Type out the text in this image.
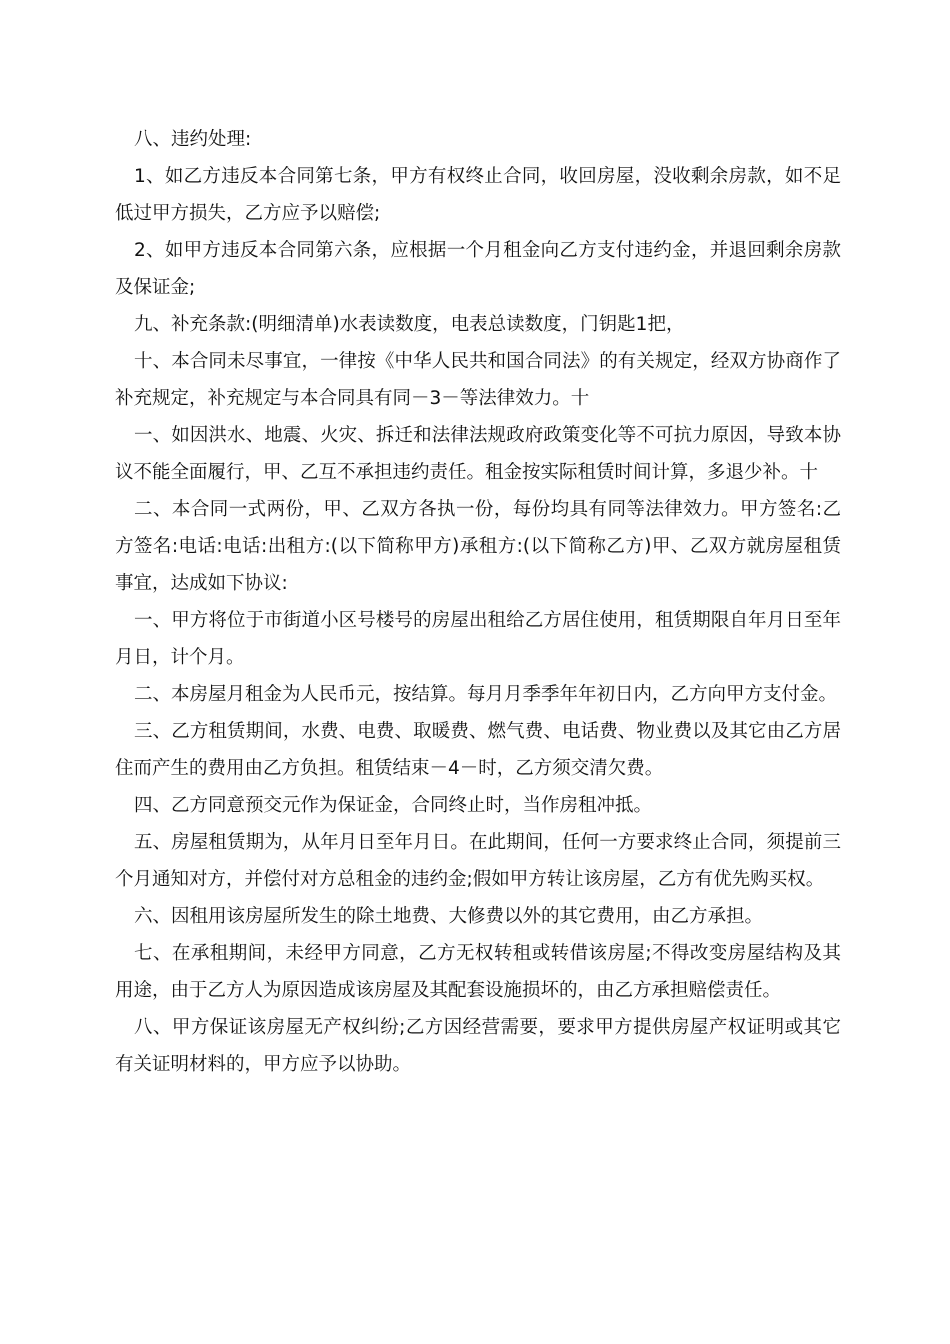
八、违约处理:

1、如乙方违反本合同第七条，甲方有权终止合同，收回房屋，没收剩余房款，如不足低过甲方损失，乙方应予以赔偿;

2、如甲方违反本合同第六条，应根据一个月租金向乙方支付违约金，并退回剩余房款及保证金;

九、补充条款:(明细清单)水表读数度，电表总读数度，门钥匙1把，

十、本合同未尽事宜，一律按《中华人民共和国合同法》的有关规定，经双方协商作了补充规定，补充规定与本合同具有同－3－等法律效力。十

一、如因洪水、地震、火灾、拆迁和法律法规政府政策变化等不可抗力原因，导致本协议不能全面履行，甲、乙互不承担违约责任。租金按实际租赁时间计算，多退少补。十

二、本合同一式两份，甲、乙双方各执一份，每份均具有同等法律效力。甲方签名:乙方签名:电话:电话:出租方:(以下简称甲方)承租方:(以下简称乙方)甲、乙双方就房屋租赁事宜，达成如下协议:

一、甲方将位于市街道小区号楼号的房屋出租给乙方居住使用，租赁期限自年月日至年月日，计个月。

二、本房屋月租金为人民币元，按结算。每月月季季年年初日内，乙方向甲方支付金。

三、乙方租赁期间，水费、电费、取暖费、燃气费、电话费、物业费以及其它由乙方居住而产生的费用由乙方负担。租赁结束－4－时，乙方须交清欠费。

四、乙方同意预交元作为保证金，合同终止时，当作房租冲抵。

五、房屋租赁期为，从年月日至年月日。在此期间，任何一方要求终止合同，须提前三个月通知对方，并偿付对方总租金的违约金;假如甲方转让该房屋，乙方有优先购买权。

六、因租用该房屋所发生的除土地费、大修费以外的其它费用，由乙方承担。

七、在承租期间，未经甲方同意，乙方无权转租或转借该房屋;不得改变房屋结构及其用途，由于乙方人为原因造成该房屋及其配套设施损坏的，由乙方承担赔偿责任。

八、甲方保证该房屋无产权纠纷;乙方因经营需要，要求甲方提供房屋产权证明或其它有关证明材料的，甲方应予以协助。
